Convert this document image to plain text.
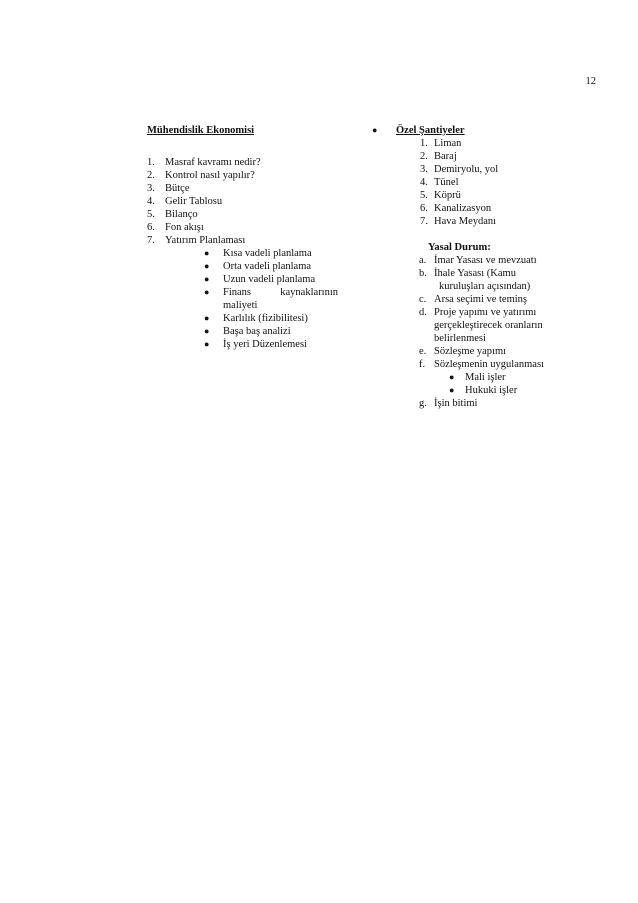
12
Mühendislik Ekonomisi
1. Masraf kavramı nedir?
2. Kontrol nasıl yapılır?
3. Bütçe
4. Gelir Tablosu
5. Bilanço
6. Fon akışı
7. Yatırım Planlaması
●	Kısa vadeli planlama
●	Orta vadeli planlama
●	Uzun vadeli planlama
●	Finans	kaynaklarının
maliyeti
●	Karlılık (fizibilitesi)
●	Başa baş analizi
●	İş yeri Düzenlemesi
●	Özel Şantiyeler
1. Liman
2. Baraj
3. Demiryolu, yol
4. Tünel
5. Köprü
6. Kanalizasyon
7. Hava Meydanı
Yasal Durum:
a. İmar Yasası ve mevzuatı
b. İhale Yasası (Kamu
kuruluşları açısından)
c. Arsa seçimi ve teminş
d. Proje yapımı ve yatırımı
gerçekleştirecek oranların
belirlenmesi
e. Sözleşme yapımı
f. Sözleşmenin uygulanması
●	Mali işler
●	Hukuki işler
g. İşin bitimi
